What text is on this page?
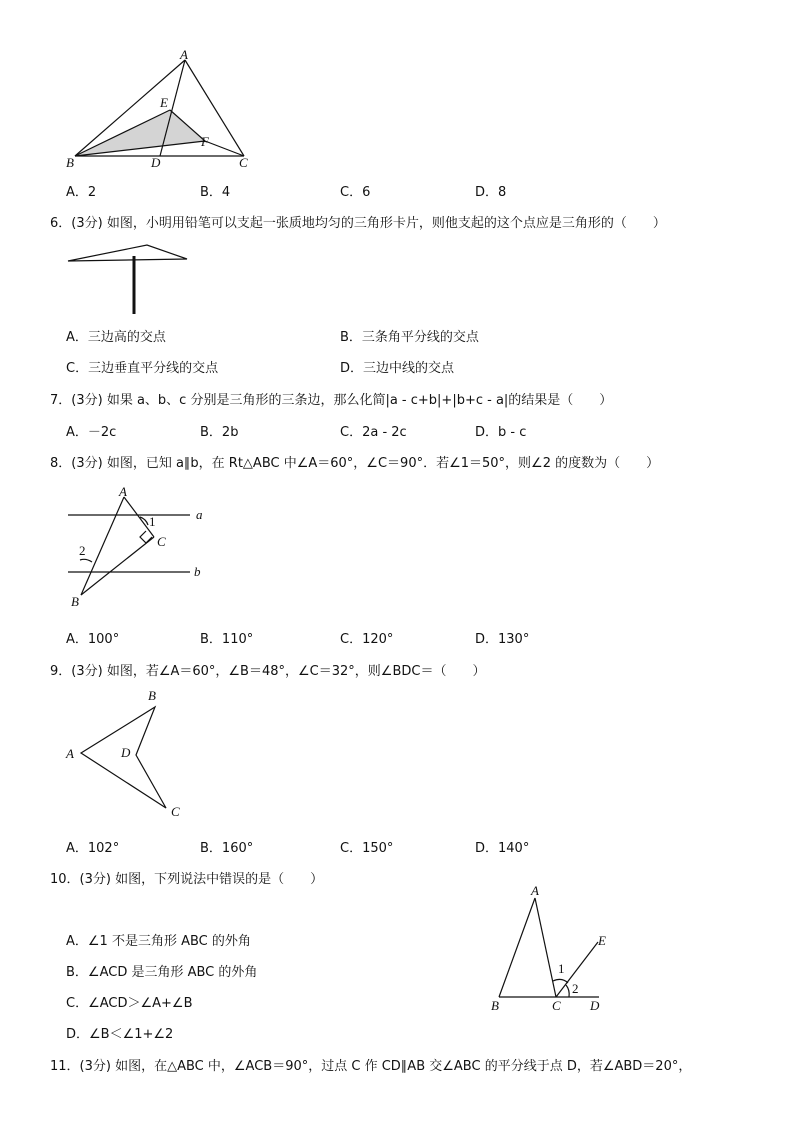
A
E
F
B	D	C
A．2	B．4	C．6	D．8
6．(3分) 如图，小明用铅笔可以支起一张质地均匀的三角形卡片，则他支起的这个点应是三角形的（　　）
A．三边高的交点	B．三条角平分线的交点
C．三边垂直平分线的交点	D．三边中线的交点
7．(3分) 如果 a、b、c 分别是三角形的三条边，那么化简|a - c+b|+|b+c - a|的结果是（　　）
A．－2c	B．2b	C．2a - 2c	D．b - c
8．(3分) 如图，已知 a∥b，在 Rt△ABC 中∠A＝60°，∠C＝90°．若∠1＝50°，则∠2 的度数为（　　）
A
a
1
C
2
b
B
A．100°	B．110°	C．120°	D．130°
9．(3分) 如图，若∠A＝60°，∠B＝48°，∠C＝32°，则∠BDC＝（　　）
B
A	D
C
A．102°	B．160°	C．150°	D．140°
10．(3分) 如图，下列说法中错误的是（　　）
A．∠1 不是三角形 ABC 的外角
B．∠ACD 是三角形 ABC 的外角
C．∠ACD＞∠A+∠B
D．∠B＜∠1+∠2
A
E
1
2
B	C D
11．(3分) 如图，在△ABC 中，∠ACB＝90°，过点 C 作 CD∥AB 交∠ABC 的平分线于点 D，若∠ABD＝20°，
